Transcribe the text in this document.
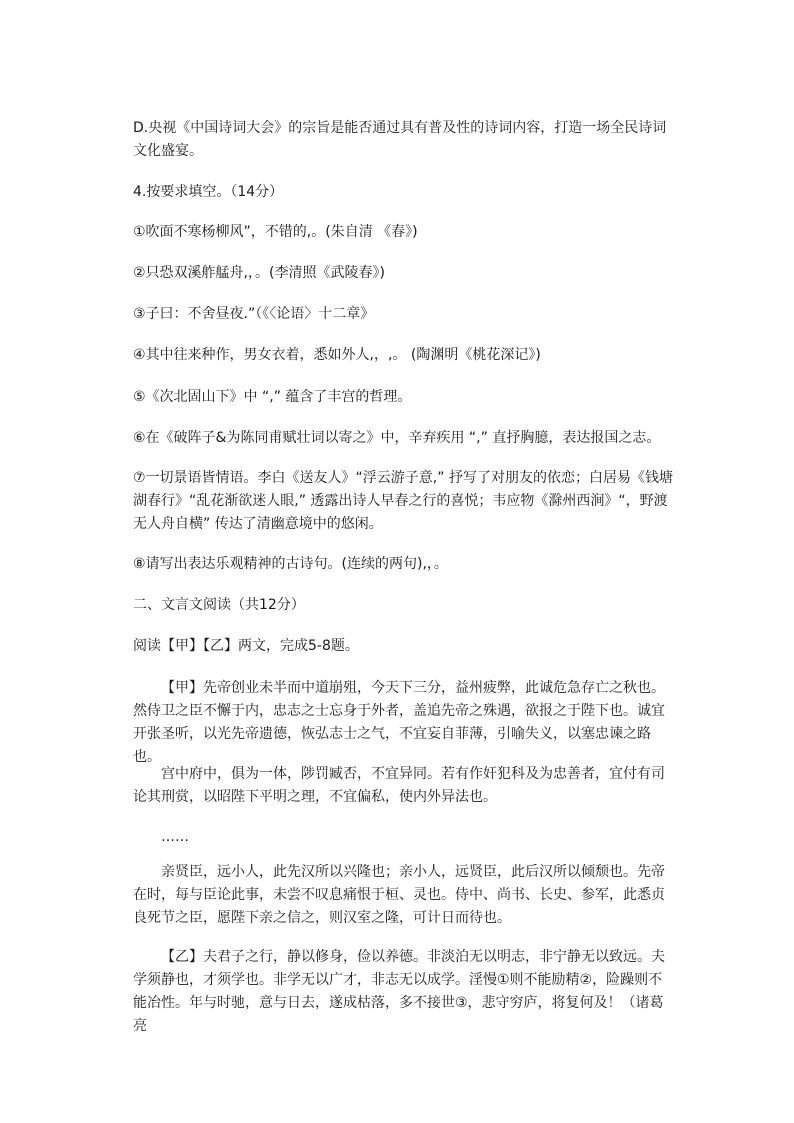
D.央视《中国诗词大会》的宗旨是能否通过具有普及性的诗词内容，打造一场全民诗词文化盛宴。

4.按要求填空。（14分）

①吹面不寒杨柳风”，不错的,。(朱自清 《春》)

②只恐双溪舴艋舟,，。(李清照《武陵春》)

③子曰：不舍昼夜.”（《〈论语〉十二章》

④其中往来种作，男女衣着，悉如外人,，,。 (陶渊明《桃花深记》)

⑤《次北固山下》中 “,” 蕴含了丰宫的哲理。

⑥在《破阵子&为陈同甫赋壮词以寄之》中，辛弃疾用 “,” 直抒胸臆，表达报国之志。

⑦一切景语皆情语。李白《送友人》“浮云游子意,” 抒写了对朋友的依恋；白居易《钱塘湖春行》“乱花渐欲迷人眼,” 透露出诗人早春之行的喜悦；韦应物《滁州西涧》“，野渡无人舟自横” 传达了清幽意境中的悠闲。

⑧请写出表达乐观精神的古诗句。(连续的两句),，。

二、文言文阅读（共12分）

阅读【甲】【乙】两文，完成5-8题。

【甲】先帝创业未半而中道崩殂，今天下三分，益州疲弊，此诚危急存亡之秋也。然侍卫之臣不懈于内，忠志之士忘身于外者，盖追先帝之殊遇，欲报之于陛下也。诚宜开张圣听，以光先帝遗德，恢弘志士之气，不宜妄自菲薄，引喻失义，以塞忠谏之路也。

宫中府中，俱为一体，陟罚臧否，不宜异同。若有作奸犯科及为忠善者，宜付有司论其刑赏，以昭陛下平明之理，不宜偏私，使内外异法也。

……

亲贤臣，远小人，此先汉所以兴隆也；亲小人，远贤臣，此后汉所以倾颓也。先帝在时，每与臣论此事，未尝不叹息痛恨于桓、灵也。侍中、尚书、长史、参军，此悉贞良死节之臣，愿陛下亲之信之，则汉室之隆，可计日而待也。

【乙】夫君子之行，静以修身，俭以养德。非淡泊无以明志，非宁静无以致远。夫学须静也，才须学也。非学无以广才，非志无以成学。淫慢①则不能励精②，险躁则不能冶性。年与时驰，意与日去，遂成枯落，多不接世③，悲守穷庐，将复何及！（诸葛亮
